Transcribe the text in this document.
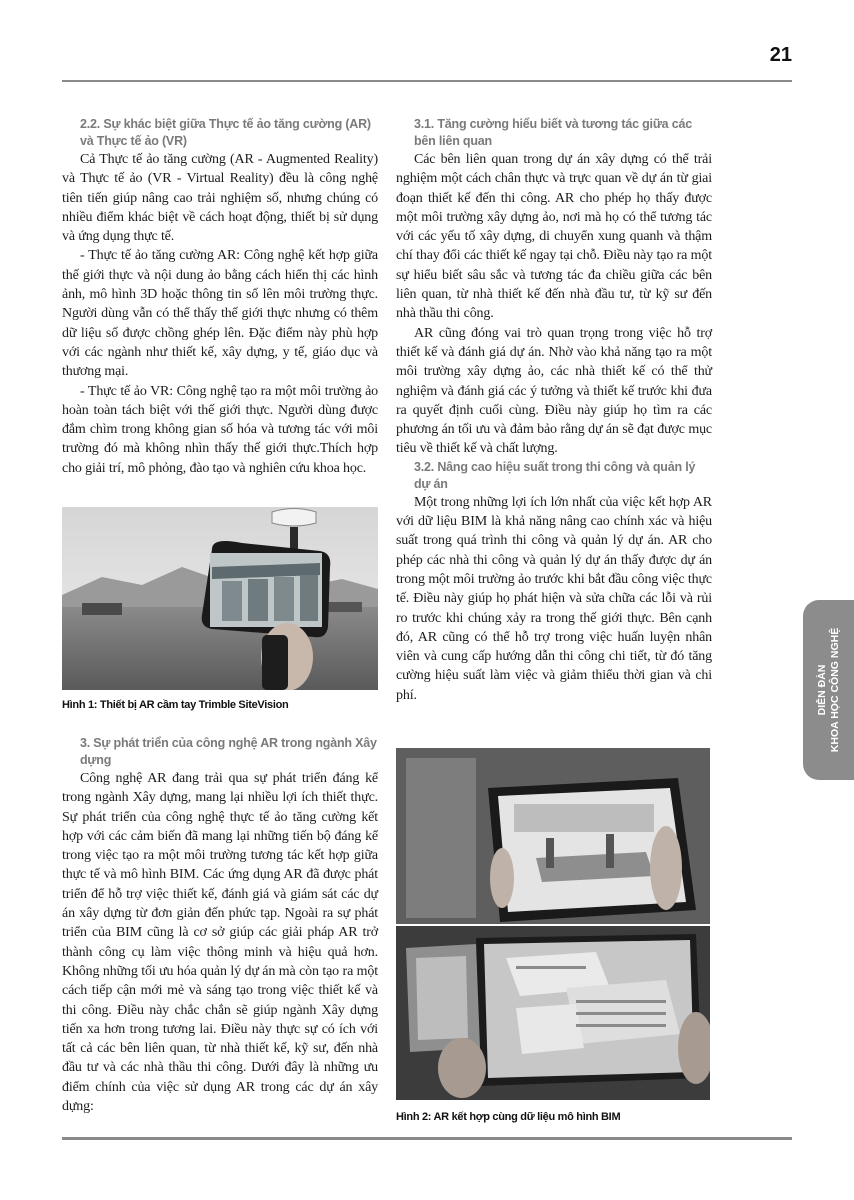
21
2.2. Sự khác biệt giữa Thực tế ảo tăng cường (AR) và Thực tế ảo (VR)

Cả Thực tế ảo tăng cường (AR - Augmented Reality) và Thực tế ảo (VR - Virtual Reality) đều là công nghệ tiên tiến giúp nâng cao trải nghiệm số, nhưng chúng có nhiều điểm khác biệt về cách hoạt động, thiết bị sử dụng và ứng dụng thực tế.

- Thực tế ảo tăng cường AR: Công nghệ kết hợp giữa thế giới thực và nội dung ảo bằng cách hiển thị các hình ảnh, mô hình 3D hoặc thông tin số lên môi trường thực. Người dùng vẫn có thể thấy thế giới thực nhưng có thêm dữ liệu số được chồng ghép lên. Đặc điểm này phù hợp với các ngành như thiết kế, xây dựng, y tế, giáo dục và thương mại.

- Thực tế ảo VR: Công nghệ tạo ra một môi trường ảo hoàn toàn tách biệt với thế giới thực. Người dùng được đắm chìm trong không gian số hóa và tương tác với môi trường đó mà không nhìn thấy thế giới thực.Thích hợp cho giải trí, mô phỏng, đào tạo và nghiên cứu khoa học.

Hình 1: Thiết bị AR cầm tay Trimble SiteVision
3. Sự phát triển của công nghệ AR trong ngành Xây dựng

Công nghệ AR đang trải qua sự phát triển đáng kể trong ngành Xây dựng, mang lại nhiều lợi ích thiết thực. Sự phát triển của công nghệ thực tế ảo tăng cường kết hợp với các cảm biến đã mang lại những tiến bộ đáng kể trong việc tạo ra một môi trường tương tác kết hợp giữa thực tế và mô hình BIM. Các ứng dụng AR đã được phát triển để hỗ trợ việc thiết kế, đánh giá và giám sát các dự án xây dựng từ đơn giản đến phức tạp. Ngoài ra sự phát triển của BIM cũng là cơ sở giúp các giải pháp AR trở thành công cụ làm việc thông minh và hiệu quả hơn. Không những tối ưu hóa quản lý dự án mà còn tạo ra một cách tiếp cận mới mẻ và sáng tạo trong việc thiết kế và thi công. Điều này chắc chắn sẽ giúp ngành Xây dựng tiến xa hơn trong tương lai. Điều này thực sự có ích với tất cả các bên liên quan, từ nhà thiết kế, kỹ sư, đến nhà đầu tư và các nhà thầu thi công. Dưới đây là những ưu điểm chính của việc sử dụng AR trong các dự án xây dựng:

3.1. Tăng cường hiểu biết và tương tác giữa các bên liên quan

Các bên liên quan trong dự án xây dựng có thể trải nghiệm một cách chân thực và trực quan về dự án từ giai đoạn thiết kế đến thi công. AR cho phép họ thấy được một môi trường xây dựng ảo, nơi mà họ có thể tương tác với các yếu tố xây dựng, di chuyển xung quanh và thậm chí thay đổi các thiết kế ngay tại chỗ. Điều này tạo ra một sự hiểu biết sâu sắc và tương tác đa chiều giữa các bên liên quan, từ nhà thiết kế đến nhà đầu tư, từ kỹ sư đến nhà thầu thi công.

AR cũng đóng vai trò quan trọng trong việc hỗ trợ thiết kế và đánh giá dự án. Nhờ vào khả năng tạo ra một môi trường xây dựng ảo, các nhà thiết kế có thể thử nghiệm và đánh giá các ý tưởng và thiết kế trước khi đưa ra quyết định cuối cùng. Điều này giúp họ tìm ra các phương án tối ưu và đảm bảo rằng dự án sẽ đạt được mục tiêu về thiết kế và chất lượng.

3.2. Nâng cao hiệu suất trong thi công và quản lý dự án

Một trong những lợi ích lớn nhất của việc kết hợp AR với dữ liệu BIM là khả năng nâng cao chính xác và hiệu suất trong quá trình thi công và quản lý dự án. AR cho phép các nhà thi công và quản lý dự án thấy được dự án trong một môi trường ảo trước khi bắt đầu công việc thực tế. Điều này giúp họ phát hiện và sửa chữa các lỗi và rủi ro trước khi chúng xảy ra trong thế giới thực. Bên cạnh đó, AR cũng có thể hỗ trợ trong việc huấn luyện nhân viên và cung cấp hướng dẫn thi công chi tiết, từ đó tăng cường hiệu suất làm việc và giảm thiểu thời gian và chi phí.

Hình 2: AR kết hợp cùng dữ liệu mô hình BIM
DIỄN ĐÀN KHOA HỌC CÔNG NGHỆ
